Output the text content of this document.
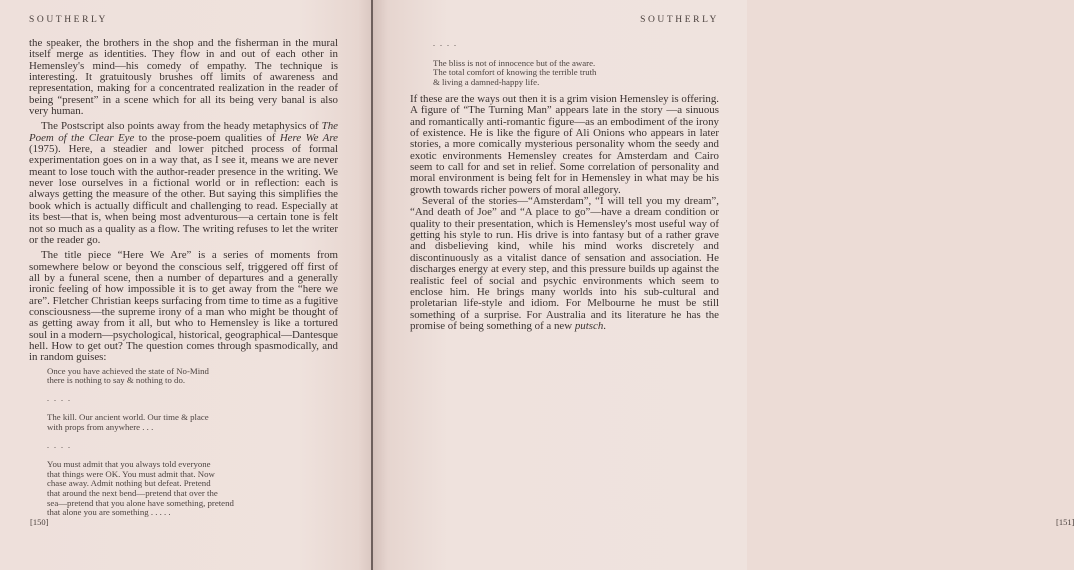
SOUTHERLY

the speaker, the brothers in the shop and the fisherman in the mural itself merge as identities. They flow in and out of each other in Hemensley's mind—his comedy of empathy. The technique is interesting. It gratuitously brushes off limits of awareness and representation, making for a concentrated realization in the reader of being “present” in a scene which for all its being very banal is also very human.

The Postscript also points away from the heady metaphysics of The Poem of the Clear Eye to the prose-poem qualities of Here We Are (1975). Here, a steadier and lower pitched process of formal experimentation goes on in a way that, as I see it, means we are never meant to lose touch with the author-reader presence in the writing. We never lose ourselves in a fictional world or in reflection: each is always getting the measure of the other. But saying this simplifies the book which is actually difficult and challenging to read. Especially at its best—that is, when being most adventurous—a certain tone is felt not so much as a quality as a flow. The writing refuses to let the writer or the reader go.

The title piece “Here We Are” is a series of moments from somewhere below or beyond the conscious self, triggered off first of all by a funeral scene, then a number of departures and a generally ironic feeling of how impossible it is to get away from the “here we are”. Fletcher Christian keeps surfacing from time to time as a fugitive consciousness—the supreme irony of a man who might be thought of as getting away from it all, but who to Hemensley is like a tortured soul in a modern—psychological, historical, geographical—Dantesque hell. How to get out? The question comes through spasmodically, and in random guises:

Once you have achieved the state of No-Mind
there is nothing to say & nothing to do.
. . . .
The kill. Our ancient world. Our time & place
with props from anywhere . . .
. . . .
You must admit that you always told everyone
that things were OK. You must admit that. Now
chase away. Admit nothing but defeat. Pretend
that around the next bend—pretend that over the
sea—pretend that you alone have something, pretend
that alone you are something . . . . .
[150]
SOUTHERLY
[151]
. . . .
The bliss is not of innocence but of the aware.
The total comfort of knowing the terrible truth
& living a damned-happy life.

If these are the ways out then it is a grim vision Hemensley is offering. A figure of “The Turning Man” appears late in the story —a sinuous and romantically anti-romantic figure—as an embodiment of the irony of existence. He is like the figure of Ali Onions who appears in later stories, a more comically mysterious personality whom the seedy and exotic environments Hemensley creates for Amsterdam and Cairo seem to call for and set in relief. Some correlation of personality and moral environment is being felt for in Hemensley in what may be his growth towards richer powers of moral allegory.

Several of the stories—“Amsterdam”, “I will tell you my dream”, “And death of Joe” and “A place to go”—have a dream condition or quality to their presentation, which is Hemensley's most useful way of getting his style to run. His drive is into fantasy but of a rather grave and disbelieving kind, while his mind works discretely and discontinuously as a vitalist dance of sensation and association. He discharges energy at every step, and this pressure builds up against the realistic feel of social and psychic environments which seem to enclose him. He brings many worlds into his sub-cultural and proletarian life-style and idiom. For Melbourne he must be still something of a surprise. For Australia and its literature he has the promise of being something of a new putsch.
